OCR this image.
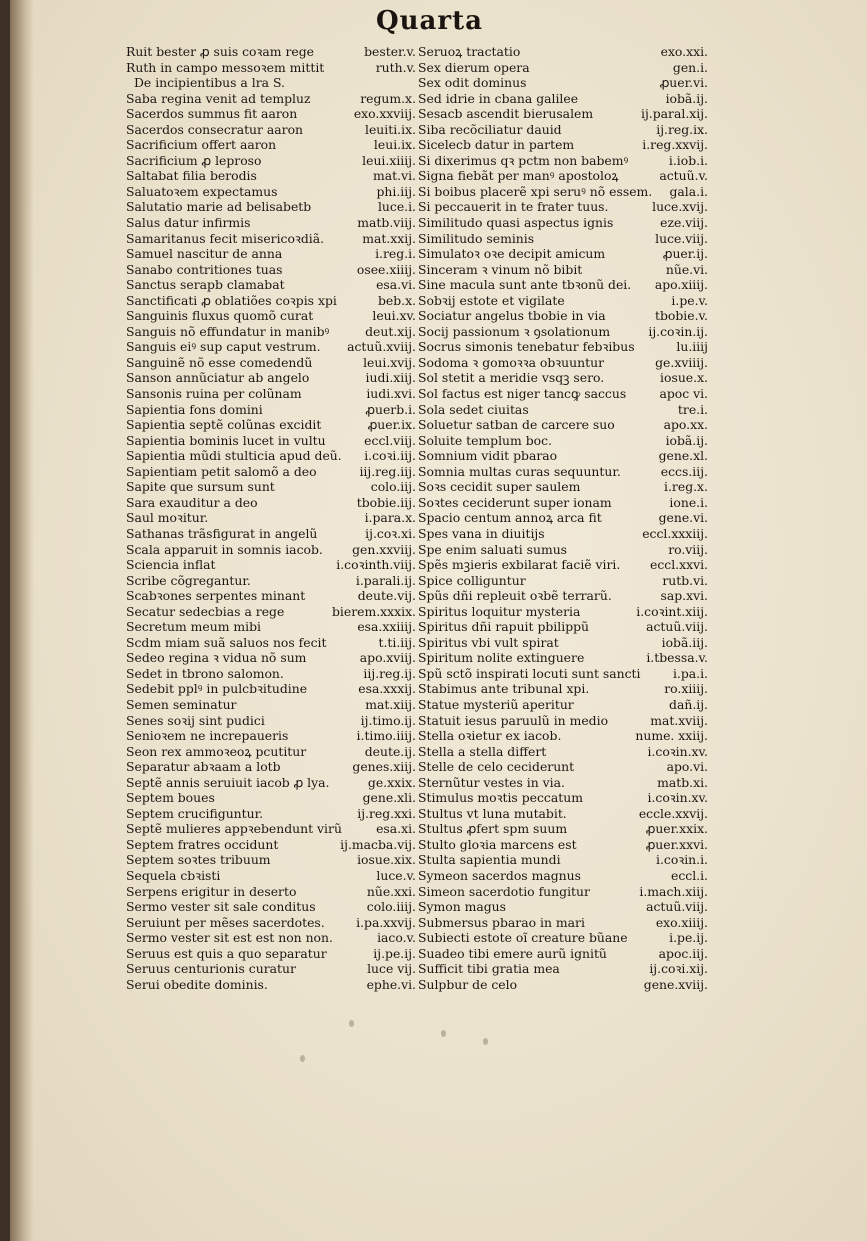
Quarta
Ruit bester ꝓ suis coꝛam rege	bester.v.
Ruth in campo messoꝛem mittit	ruth.v.
De incipientibus a lra S.
Saba regina venit ad templuz	regum.x.
Sacerdos summus fit aaron	exo.xxviij.
Sacerdos consecratur aaron	leuiti.ix.
Sacrificium offert aaron	leui.ix.
Sacrificium ꝓ leproso	leui.xiiij.
Saltabat filia berodis	mat.vi.
Saluatoꝛem expectamus	phi.iij.
Salutatio marie ad belisabetb	luce.i.
Salus datur infirmis	matb.viij.
Samaritanus fecit misericoꝛdiã.	mat.xxij.
Samuel nascitur de anna	i.reg.i.
Sanabo contritiones tuas	osee.xiiij.
Sanctus serapb clamabat	esa.vi.
Sanctificati ꝓ oblatiões coꝛpis xpi	beb.x.
Sanguinis fluxus quomõ curat	leui.xv.
Sanguis nõ effundatur in manibꝰ	deut.xij.
Sanguis eiꝰ sup caput vestrum. actuũ.xviij.
Sanguinẽ nõ esse comedendũ	leui.xvij.
Sanson annũciatur ab angelo	iudi.xiij.
Sansonis ruina per colũnam	iudi.xvi.
Sapientia fons domini	ꝓuerb.i.
Sapientia septẽ colũnas excidit	ꝓuer.ix.
Sapientia bominis lucet in vultu	eccl.viij.
Sapientia mũdi stulticia apud deũ. i.coꝛi.iij.
Sapientiam petit salomõ a deo	iij.reg.iij.
Sapite que sursum sunt	colo.iij.
Sara exauditur a deo	tbobie.iij.
Saul moꝛitur.	i.para.x.
Sathanas trãsfigurat in angelũ	ij.coꝛ.xi.
Scala apparuit in somnis iacob. gen.xxviij.
Sciencia inflat	i.coꝛinth.viij.
Scribe cõgregantur.	i.parali.ij.
Scabꝛones serpentes minant	deute.vij.
Secatur sedecbias a rege	bierem.xxxix.
Secretum meum mibi	esa.xxiiij.
Scdm miam suã saluos nos fecit	t.ti.iij.
Sedeo regina ꝛ vidua nõ sum	apo.xviij.
Sedet in tbrono salomon.	iij.reg.ij.
Sedebit pplꝰ in pulcbꝛitudine	esa.xxxij.
Semen seminatur	mat.xiij.
Senes soꝛij sint pudici	ij.timo.ij.
Senioꝛem ne increpaueris	i.timo.iiij.
Seon rex ammoꝛeoꝝ pcutitur	deute.ij.
Separatur abꝛaam a lotb	genes.xiij.
Septẽ annis seruiuit iacob ꝓ lya.	ge.xxix.
Septem boues	gene.xli.
Septem crucifiguntur.	ij.reg.xxi.
Septẽ mulieres appꝛebendunt virũ	esa.xi.
Septem fratres occidunt	ij.macba.vij.
Septem soꝛtes tribuum	iosue.xix.
Sequela cbꝛisti	luce.v.
Serpens erigitur in deserto	nũe.xxi.
Sermo vester sit sale conditus	colo.iiij.
Seruiunt per mẽses sacerdotes.	i.pa.xxvij.
Sermo vester sit est est non non.	iaco.v.
Seruus est quis a quo separatur	ij.pe.ij.
Seruus centurionis curatur	luce vij.
Serui obedite dominis.	ephe.vi.
Seruoꝝ tractatio	exo.xxi.
Sex dierum opera	gen.i.
Sex odit dominus	ꝓuer.vi.
Sed idrie in cbana galilee	iobã.ij.
Sesacb ascendit bierusalem	ij.paral.xij.
Siba recõciliatur dauid	ij.reg.ix.
Sicelecb datur in partem	i.reg.xxvij.
Si dixerimus qꝛ pctm non babemꝰ	i.iob.i.
Signa fiebãt per manꝰ apostoloꝝ	actuũ.v.
Si boibus placerẽ xpi seruꝰ nõ essem. gala.i.
Si peccauerit in te frater tuus.	luce.xvij.
Similitudo quasi aspectus ignis	eze.viij.
Similitudo seminis	luce.viij.
Simulatoꝛ oꝛe decipit amicum	ꝓuer.ij.
Sinceram ꝛ vinum nõ bibit	nũe.vi.
Sine macula sunt ante tbꝛonũ dei. apo.xiiij.
Sobꝛij estote et vigilate	i.pe.v.
Sociatur angelus tbobie in via	tbobie.v.
Socij passionum ꝛ ꝯsolationum	ij.coꝛin.ij.
Socrus simonis tenebatur febꝛibus	lu.iiij
Sodoma ꝛ gomoꝛꝛa obꝛuuntur	ge.xviiij.
Sol stetit a meridie vsqꝫ sero.	iosue.x.
Sol factus est niger tancꝙ saccus	apoc vi.
Sola sedet ciuitas	tre.i.
Soluetur satban de carcere suo	apo.xx.
Soluite templum boc.	iobã.ij.
Somnium vidit pbarao	gene.xl.
Somnia multas curas sequuntur.	eccs.iij.
Soꝛs cecidit super saulem	i.reg.x.
Soꝛtes ceciderunt super ionam	ione.i.
Spacio centum annoꝝ arca fit	gene.vi.
Spes vana in diuitijs	eccl.xxxiij.
Spe enim saluati sumus	ro.viij.
Spẽs mꝫieris exbilarat faciẽ viri. eccl.xxvi.
Spice colliguntur	rutb.vi.
Spũs dñi repleuit oꝛbẽ terrarũ.	sap.xvi.
Spiritus loquitur mysteria	i.coꝛint.xiij.
Spiritus dñi rapuit pbilippũ	actuũ.viij.
Spiritus vbi vult spirat	iobã.iij.
Spiritum nolite extinguere	i.tbessa.v.
Spũ sctõ inspirati locuti sunt sancti	i.pa.i.
Stabimus ante tribunal xpi.	ro.xiiij.
Statue mysteriũ aperitur	dañ.ij.
Statuit iesus paruulũ in medio	mat.xviij.
Stella oꝛietur ex iacob.	nume. xxiij.
Stella a stella differt	i.coꝛin.xv.
Stelle de celo ceciderunt	apo.vi.
Sternũtur vestes in via.	matb.xi.
Stimulus moꝛtis peccatum	i.coꝛin.xv.
Stultus vt luna mutabit.	eccle.xxvij.
Stultus ꝓfert spm suum	ꝓuer.xxix.
Stulto gloꝛia marcens est	ꝓuer.xxvi.
Stulta sapientia mundi	i.coꝛin.i.
Symeon sacerdos magnus	eccl.i.
Simeon sacerdotio fungitur	i.mach.xiij.
Symon magus	actuũ.viij.
Submersus pbarao in mari	exo.xiiij.
Subiecti estote oĩ creature bũane	i.pe.ij.
Suadeo tibi emere aurũ ignitũ	apoc.iij.
Sufficit tibi gratia mea	ij.coꝛi.xij.
Sulpbur de celo	gene.xviij.
